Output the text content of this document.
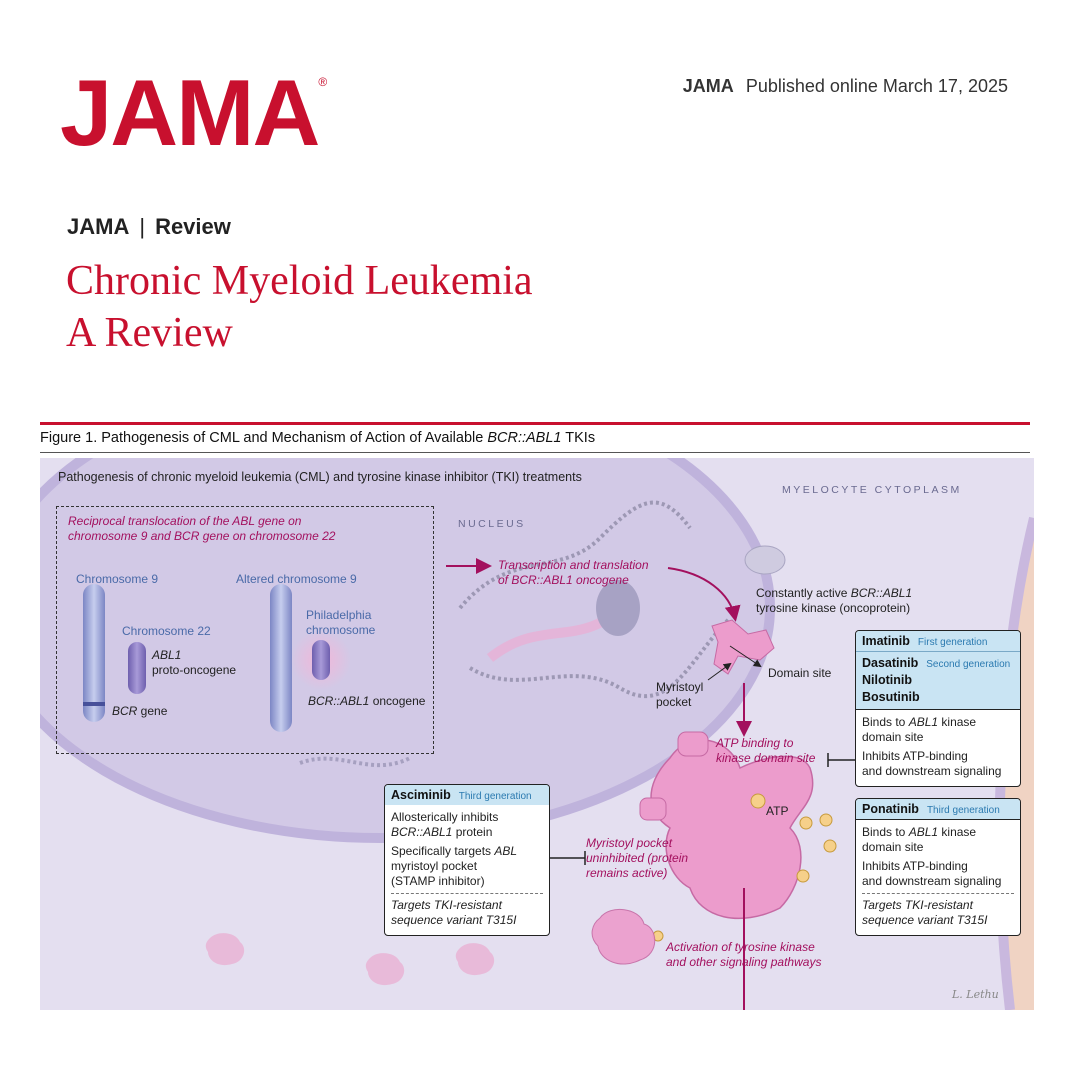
JAMA®	JAMA Published online March 17, 2025
JAMA | Review
Chronic Myeloid Leukemia
A Review
Figure 1. Pathogenesis of CML and Mechanism of Action of Available BCR::ABL1 TKIs
Pathogenesis of chronic myeloid leukemia (CML) and tyrosine kinase inhibitor (TKI) treatments
MYELOCYTE CYTOPLASM
NUCLEUS
Reciprocal translocation of the ABL gene on
chromosome 9 and BCR gene on chromosome 22
Chromosome 9	Altered chromosome 9
Chromosome 22
Philadelphia
chromosome
ABL1
proto-oncogene
BCR gene
BCR::ABL1 oncogene
Transcription and translation
of BCR::ABL1 oncogene
Constantly active BCR::ABL1
tyrosine kinase (oncoprotein)
Domain site
Myristoyl
pocket
ATP binding to
kinase domain site
ATP
Myristoyl pocket
uninhibited (protein
remains active)
Activation of tyrosine kinase
and other signaling pathways
L. Lethu
Asciminib Third generation

Allosterically inhibits
BCR::ABL1 protein

Specifically targets ABL
myristoyl pocket
(STAMP inhibitor)

Targets TKI-resistant
sequence variant T315I

Imatinib First generation
Dasatinib Second generation
Nilotinib
Bosutinib

Binds to ABL1 kinase
domain site

Inhibits ATP-binding
and downstream signaling

Ponatinib Third generation

Binds to ABL1 kinase
domain site

Inhibits ATP-binding
and downstream signaling

Targets TKI-resistant
sequence variant T315I
